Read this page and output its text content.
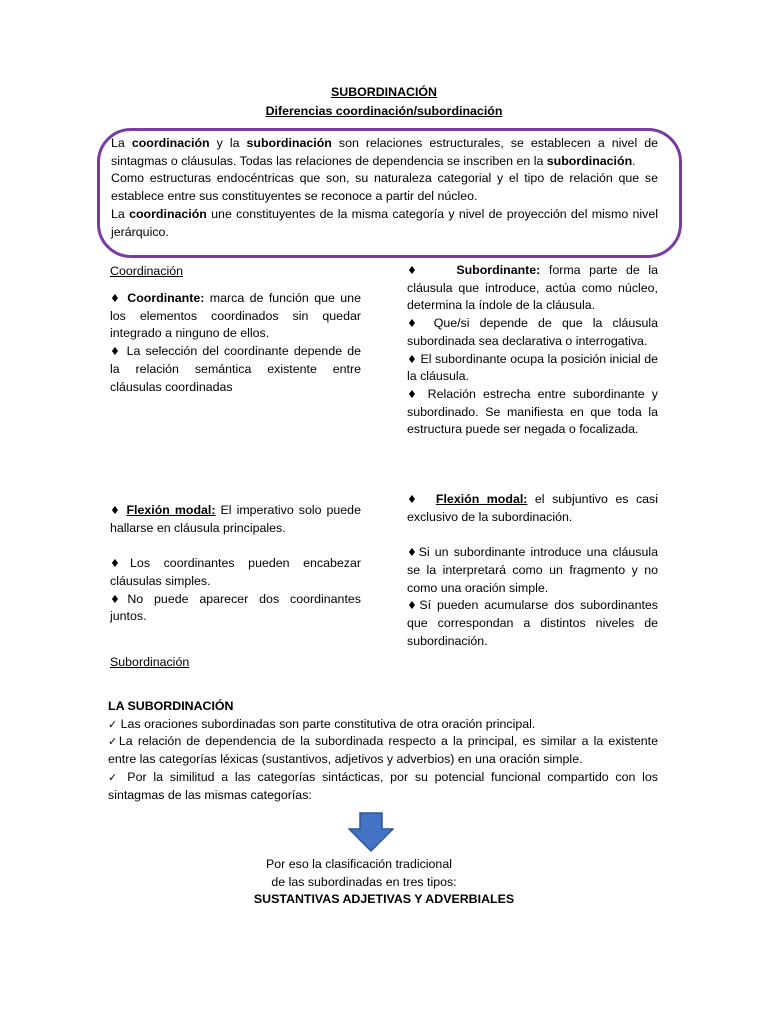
SUBORDINACIÓN
Diferencias coordinación/subordinación

La coordinación y la subordinación son relaciones estructurales, se establecen a nivel de sintagmas o cláusulas. Todas las relaciones de dependencia se inscriben en la subordinación.

Como estructuras endocéntricas que son, su naturaleza categorial y el tipo de relación que se establece entre sus constituyentes se reconoce a partir del núcleo.

La coordinación une constituyentes de la misma categoría y nivel de proyección del mismo nivel jerárquico.

Coordinación

♦ Coordinante: marca de función que une los elementos coordinados sin quedar integrado a ninguno de ellos.

♦ La selección del coordinante depende de la relación semántica existente entre cláusulas coordinadas

♦ Flexión modal: El imperativo solo puede hallarse en cláusula principales.

♦Los coordinantes pueden encabezar cláusulas simples.

♦No puede aparecer dos coordinantes juntos.

♦	Subordinante: forma parte de la cláusula que introduce, actúa como núcleo, determina la índole de la cláusula.

♦ Que/si depende de que la cláusula subordinada sea declarativa o interrogativa.

♦ El subordinante ocupa la posición inicial de la cláusula.

♦ Relación estrecha entre subordinante y subordinado. Se manifiesta en que toda la estructura puede ser negada o focalizada.

♦ Flexión modal: el subjuntivo es casi exclusivo de la subordinación.

♦Si un subordinante introduce una cláusula se la interpretará como un fragmento y no como una oración simple.

♦Sí pueden acumularse dos subordinantes que correspondan a distintos niveles de subordinación.

Subordinación

LA SUBORDINACIÓN

✓ Las oraciones subordinadas son parte constitutiva de otra oración principal.

✓La relación de dependencia de la subordinada respecto a la principal, es similar a la existente entre las categorías léxicas (sustantivos, adjetivos y adverbios) en una oración simple.

✓ Por la similitud a las categorías sintácticas, por su potencial funcional compartido con los sintagmas de las mismas categorías:

Por eso la clasificación tradicional

de las subordinadas en tres tipos:

SUSTANTIVAS ADJETIVAS Y ADVERBIALES
